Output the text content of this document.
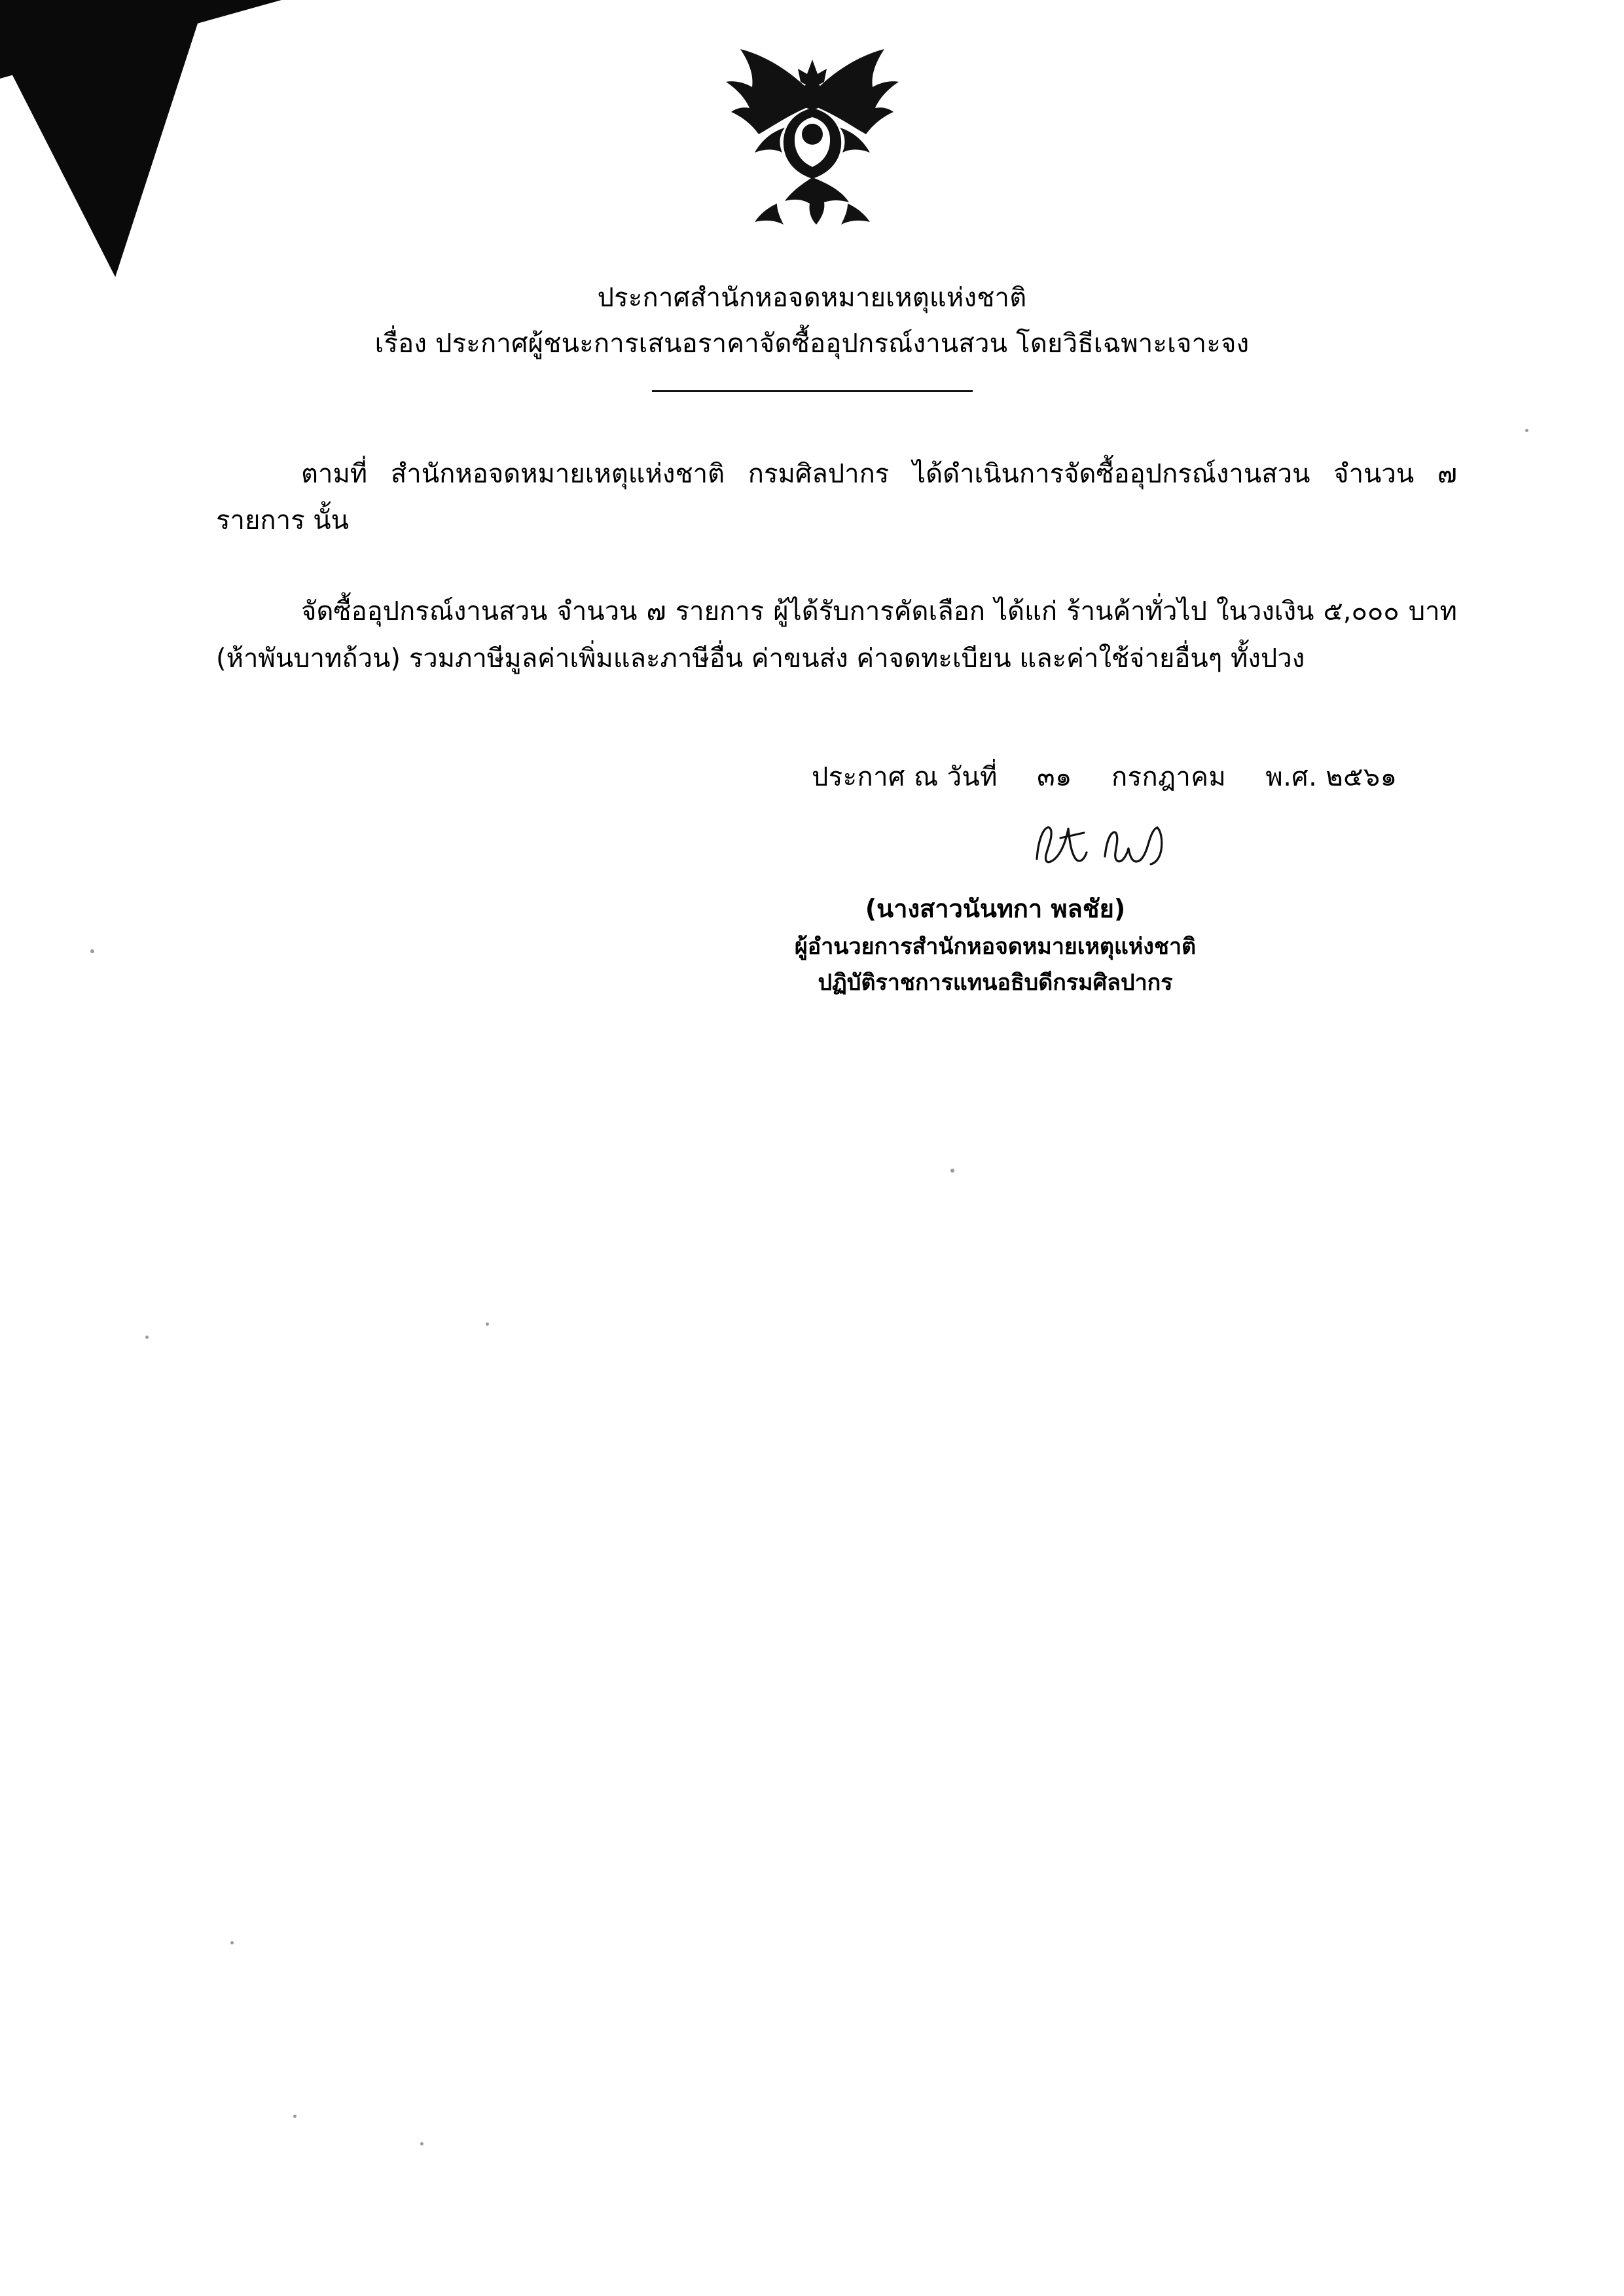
ประกาศสำนักหอจดหมายเหตุแห่งชาติ
เรื่อง ประกาศผู้ชนะการเสนอราคาจัดซื้ออุปกรณ์งานสวน โดยวิธีเฉพาะเจาะจง

ตามที่ สำนักหอจดหมายเหตุแห่งชาติ กรมศิลปากร ได้ดำเนินการจัดซื้ออุปกรณ์งานสวน จำนวน ๗ รายการ นั้น

จัดซื้ออุปกรณ์งานสวน จำนวน ๗ รายการ ผู้ได้รับการคัดเลือก ได้แก่ ร้านค้าทั่วไป ในวงเงิน ๕,๐๐๐ บาท (ห้าพันบาทถ้วน) รวมภาษีมูลค่าเพิ่มและภาษีอื่น ค่าขนส่ง ค่าจดทะเบียน และค่าใช้จ่ายอื่นๆ ทั้งปวง

ประกาศ ณ วันที่ ๓๑ กรกฎาคม พ.ศ. ๒๕๖๑
(นางสาวนันทกา พลชัย)
ผู้อำนวยการสำนักหอจดหมายเหตุแห่งชาติ
ปฏิบัติราชการแทนอธิบดีกรมศิลปากร
